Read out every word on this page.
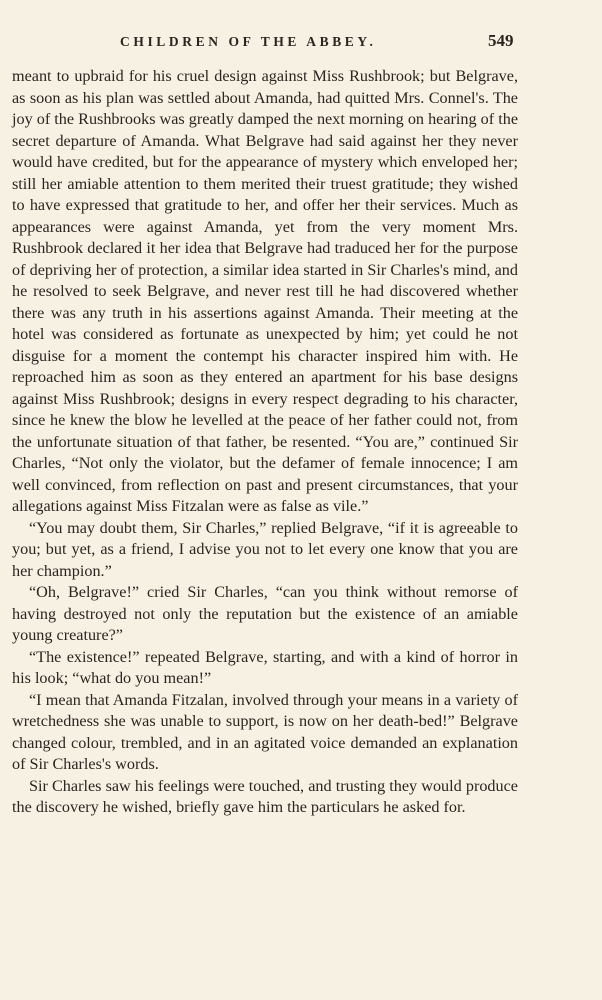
CHILDREN OF THE ABBEY.	549

meant to upbraid for his cruel design against Miss Rushbrook; but Belgrave, as soon as his plan was settled about Amanda, had quitted Mrs. Connel's. The joy of the Rushbrooks was greatly damped the next morning on hearing of the secret departure of Amanda. What Belgrave had said against her they never would have credited, but for the appearance of mystery which enveloped her; still her amiable attention to them merited their truest gratitude; they wished to have expressed that gratitude to her, and offer her their services. Much as appearances were against Amanda, yet from the very moment Mrs. Rushbrook declared it her idea that Belgrave had traduced her for the purpose of depriving her of protection, a similar idea started in Sir Charles's mind, and he resolved to seek Belgrave, and never rest till he had discovered whether there was any truth in his assertions against Amanda. Their meeting at the hotel was considered as fortunate as unexpected by him; yet could he not disguise for a moment the contempt his character inspired him with. He reproached him as soon as they entered an apartment for his base designs against Miss Rushbrook; designs in every respect degrading to his character, since he knew the blow he levelled at the peace of her father could not, from the unfortunate situation of that father, be resented. “You are,” continued Sir Charles, “Not only the violator, but the defamer of female innocence; I am well convinced, from reflection on past and present circumstances, that your allegations against Miss Fitzalan were as false as vile.”

“You may doubt them, Sir Charles,” replied Belgrave, “if it is agreeable to you; but yet, as a friend, I advise you not to let every one know that you are her champion.”

“Oh, Belgrave!” cried Sir Charles, “can you think without remorse of having destroyed not only the reputation but the existence of an amiable young creature?”

“The existence!” repeated Belgrave, starting, and with a kind of horror in his look; “what do you mean!”

“I mean that Amanda Fitzalan, involved through your means in a variety of wretchedness she was unable to support, is now on her death-bed!” Belgrave changed colour, trembled, and in an agitated voice demanded an explanation of Sir Charles's words.

Sir Charles saw his feelings were touched, and trusting they would produce the discovery he wished, briefly gave him the particulars he asked for.
